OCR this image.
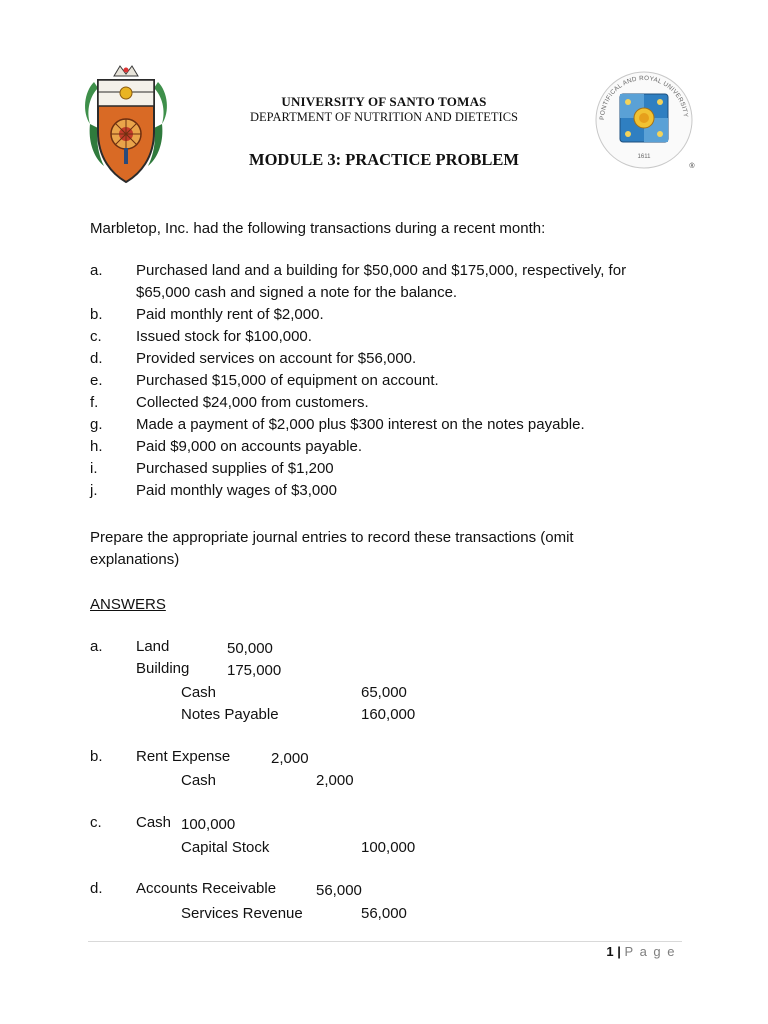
UNIVERSITY OF SANTO TOMAS
DEPARTMENT OF NUTRITION AND DIETETICS
MODULE 3: PRACTICE PROBLEM
PONTIFICAL AND ROYAL UNIVERSITY
1611
®
Marbletop, Inc. had the following transactions during a recent month:
a. Purchased land and a building for $50,000 and $175,000, respectively, for
$65,000 cash and signed a note for the balance.
b. Paid monthly rent of $2,000.
c. Issued stock for $100,000.
d. Provided services on account for $56,000.
e. Purchased $15,000 of equipment on account.
f.	Collected $24,000 from customers.
g. Made a payment of $2,000 plus $300 interest on the notes payable.
h. Paid $9,000 on accounts payable.
i.	Purchased supplies of $1,200
j.	Paid monthly wages of $3,000
Prepare the appropriate journal entries to record these transactions (omit
explanations)
ANSWERS
a. Land	50,000
Building	175,000
Cash	65,000
Notes Payable	160,000
b. Rent Expense	2,000
Cash	2,000
c. Cash 100,000
Capital Stock	100,000
d. Accounts Receivable	56,000
Services Revenue	56,000
1 | P a g e
